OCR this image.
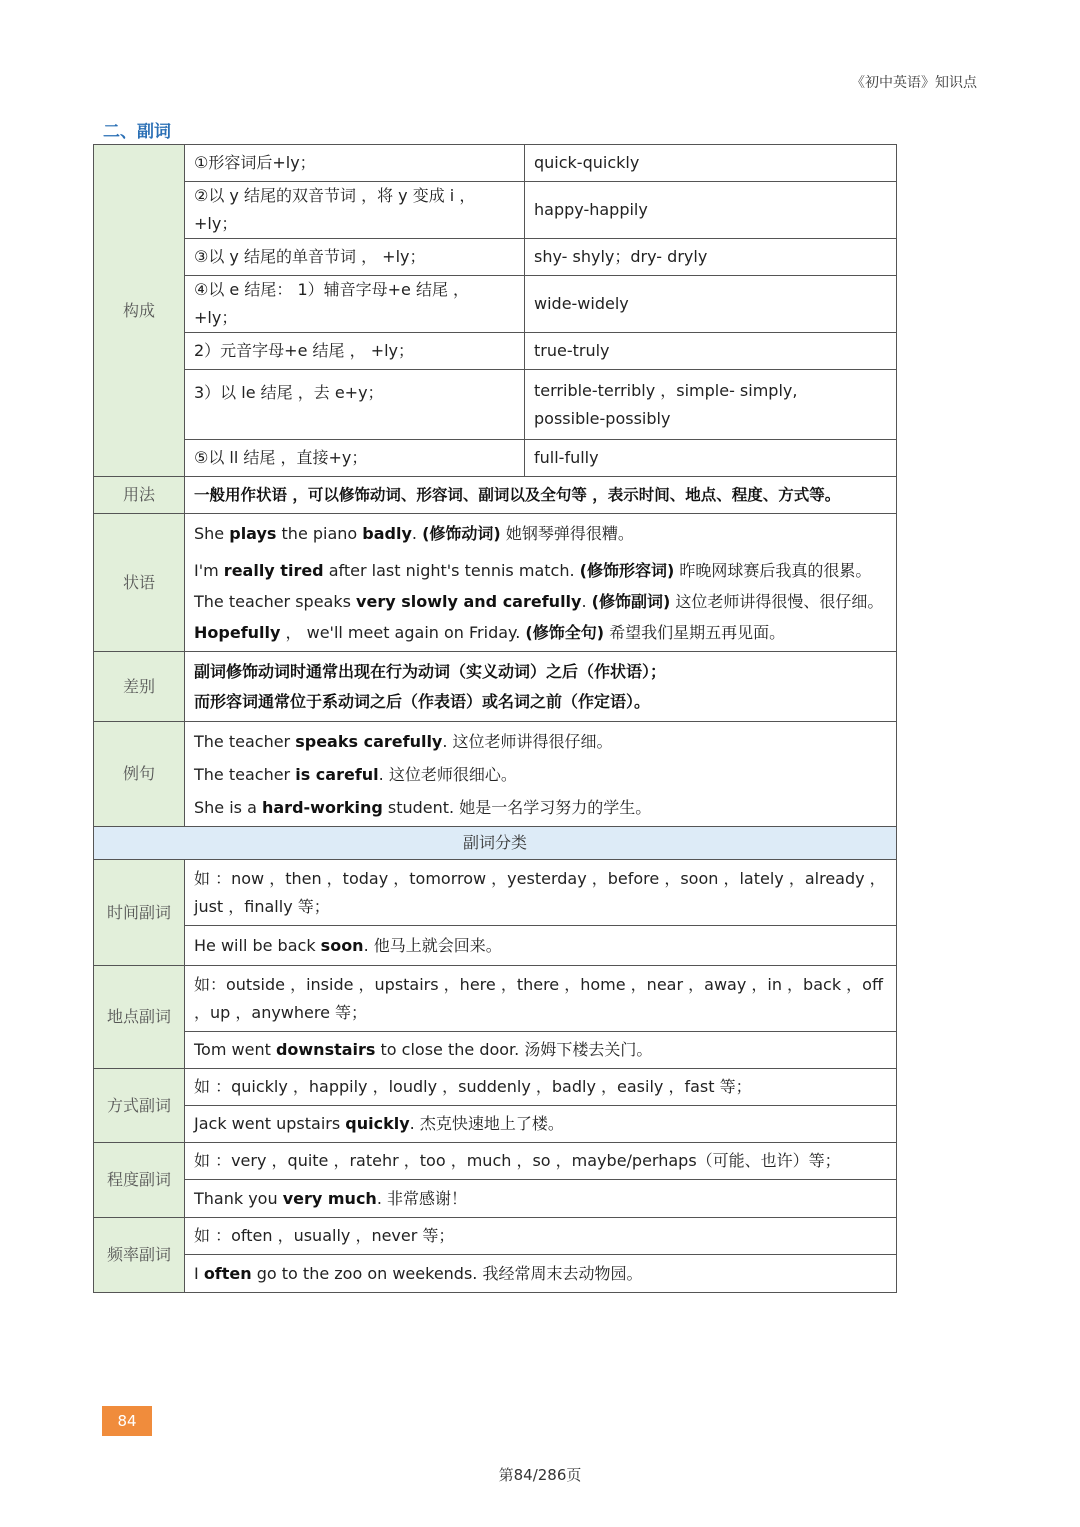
《初中英语》知识点
二、副词
构成	①形容词后+ly；	quick-quickly
	②以 y 结尾的双音节词 ，将 y 变成 i ， +ly；	happy-happily
	③以 y 结尾的单音节词 ， +ly；	shy- shyly；dry- dryly
	④以 e 结尾： 1）辅音字母+e 结尾 ， +ly；	wide-widely
	2）元音字母+e 结尾 ， +ly；	true-truly
	3）以 le 结尾 ，去 e+y；	terrible-terribly ，simple- simply,
possible-possibly

	⑤以 ll 结尾 ，直接+y；	full-fully
用法	一般用作状语 ，可以修饰动词、形容词、副词以及全句等 ，表示时间、地点、程度、方式等。	
状语	She plays the piano badly. (修饰动词) 她钢琴弹得很糟。
I'm really tired after last night's tennis match. (修饰形容词) 昨晚网球赛后我真的很累。
The teacher speaks very slowly and carefully. (修饰副词) 这位老师讲得很慢、很仔细。
Hopefully ， we'll meet again on Friday. (修饰全句) 希望我们星期五再见面。	

差别	副词修饰动词时通常出现在行为动词（实义动词）之后（作状语）；
而形容词通常位于系动词之后（作表语）或名词之前（作定语）。	

例句	The teacher speaks carefully. 这位老师讲得很仔细。
The teacher is careful. 这位老师很细心。
She is a hard-working student. 她是一名学习努力的学生。	

副词分类		
时间副词	如 ：now ，then ，today ，tomorrow ，yesterday ，before ，soon ，lately ，already ，just ，finally 等；	
	He will be back soon. 他马上就会回来。	
地点副词	如：outside ，inside ，upstairs ，here ，there ，home ，near ，away ，in ，back ，off ，up ，anywhere 等；	
	Tom went downstairs to close the door. 汤姆下楼去关门。	
方式副词	如 ：quickly ，happily ，loudly ，suddenly ，badly ，easily ，fast 等；	
	Jack went upstairs quickly. 杰克快速地上了楼。	
程度副词	如 ：very ，quite ，ratehr ，too ，much ，so ，maybe/perhaps（可能、也许）等；	
	Thank you very much. 非常感谢！	
频率副词	如 ：often ，usually ，never 等；	
	I often go to the zoo on weekends. 我经常周末去动物园。	
84
第84/286页
